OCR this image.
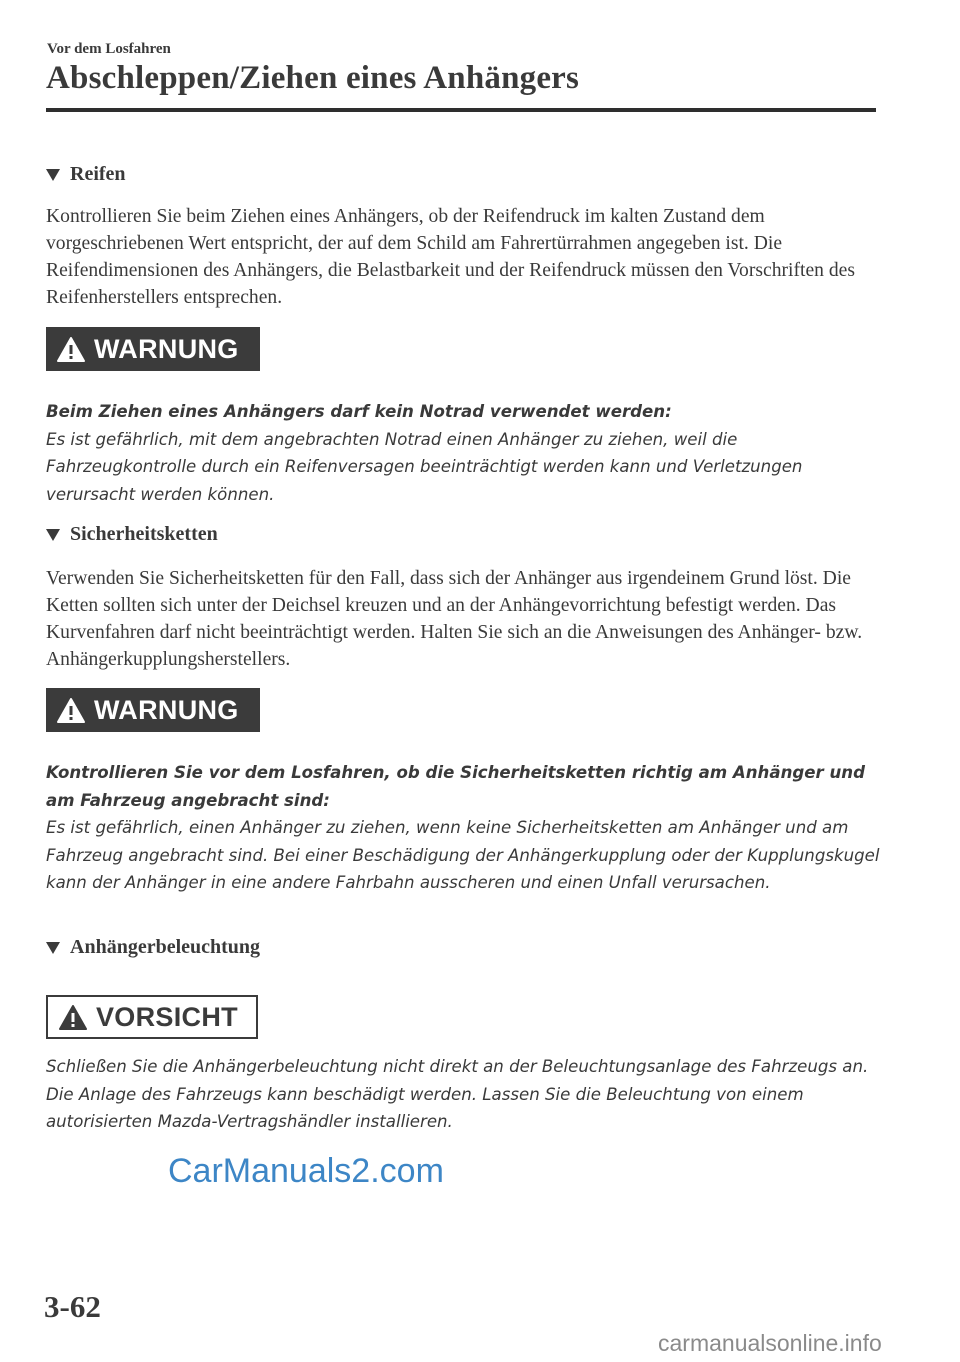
Vor dem Losfahren
Abschleppen/Ziehen eines Anhängers
Reifen

Kontrollieren Sie beim Ziehen eines Anhängers, ob der Reifendruck im kalten Zustand dem vorgeschriebenen Wert entspricht, der auf dem Schild am Fahrertürrahmen angegeben ist. Die Reifendimensionen des Anhängers, die Belastbarkeit und der Reifendruck müssen den Vorschriften des Reifenherstellers entsprechen.

WARNUNG

Beim Ziehen eines Anhängers darf kein Notrad verwendet werden:
Es ist gefährlich, mit dem angebrachten Notrad einen Anhänger zu ziehen, weil die Fahrzeugkontrolle durch ein Reifenversagen beeinträchtigt werden kann und Verletzungen verursacht werden können.

Sicherheitsketten

Verwenden Sie Sicherheitsketten für den Fall, dass sich der Anhänger aus irgendeinem Grund löst. Die Ketten sollten sich unter der Deichsel kreuzen und an der Anhängevorrichtung befestigt werden. Das Kurvenfahren darf nicht beeinträchtigt werden. Halten Sie sich an die Anweisungen des Anhänger- bzw. Anhängerkupplungsherstellers.

WARNUNG

Kontrollieren Sie vor dem Losfahren, ob die Sicherheitsketten richtig am Anhänger und am Fahrzeug angebracht sind:
Es ist gefährlich, einen Anhänger zu ziehen, wenn keine Sicherheitsketten am Anhänger und am Fahrzeug angebracht sind. Bei einer Beschädigung der Anhängerkupplung oder der Kupplungskugel kann der Anhänger in eine andere Fahrbahn ausscheren und einen Unfall verursachen.

Anhängerbeleuchtung
VORSICHT

Schließen Sie die Anhängerbeleuchtung nicht direkt an der Beleuchtungsanlage des Fahrzeugs an. Die Anlage des Fahrzeugs kann beschädigt werden. Lassen Sie die Beleuchtung von einem autorisierten Mazda-Vertragshändler installieren.

CarManuals2.com
3-62
carmanualsonline.info
